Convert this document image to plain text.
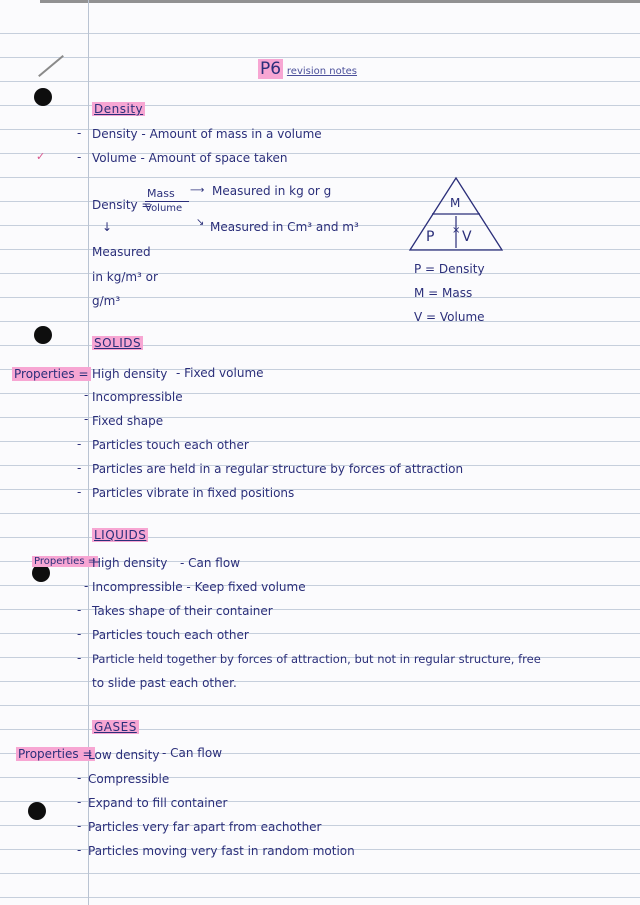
P6 revision notes
Density
✓
- Density - Amount of mass in a volume
- Volume - Amount of space taken
Density =
Mass
Volume
⟶ Measured in kg or g
↘ Measured in Cm³ and m³
↓
Measured
in kg/m³ or
g/m³
M
P × V
P = Density
M = Mass
V = Volume
SOLIDS
Properties = High density - Fixed volume
- Incompressible
- Fixed shape
- Particles touch each other
- Particles are held in a regular structure by forces of attraction
- Particles vibrate in fixed positions
LIQUIDS
Properties =
High density - Can flow
- Incompressible - Keep fixed volume
- Takes shape of their container
- Particles touch each other
- Particle held together by forces of attraction, but not in regular structure, free
to slide past each other.
GASES
Properties =
Low density - Can flow
- Compressible
- Expand to fill container
- Particles very far apart from eachother
- Particles moving very fast in random motion
